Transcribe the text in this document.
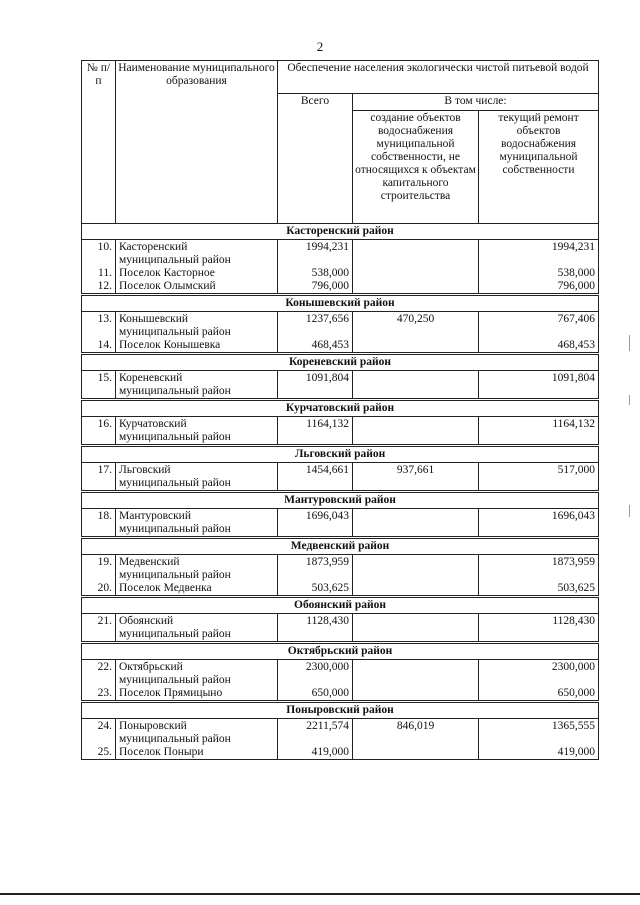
2
№ п/п	Наименование муниципального образования	Обеспечение населения экологически чистой питьевой водой		
		Всего	В том числе:	
			создание объектов водоснабжения муниципальной собственности, не относящихся к объектам капитального строительства	текущий ремонт объектов водоснабжения муниципальной собственности
Касторенский район				
10.	Касторенский	1994,231		1994,231
	муниципальный район			
11.	Поселок Касторное	538,000		538,000
12.	Поселок Олымский	796,000		796,000
Конышевский район				
13.	Конышевский	1237,656	470,250	767,406
	муниципальный район			
14.	Поселок Конышевка	468,453		468,453
Кореневский район				
15.	Кореневский	1091,804		1091,804
	муниципальный район			
Курчатовский район				
16.	Курчатовский	1164,132		1164,132
	муниципальный район			
Льговский район				
17.	Льговский	1454,661	937,661	517,000
	муниципальный район			
Мантуровский район				
18.	Мантуровский	1696,043		1696,043
	муниципальный район			
Медвенский район				
19.	Медвенский	1873,959		1873,959
	муниципальный район			
20.	Поселок Медвенка	503,625		503,625
Обоянский район				
21.	Обоянский	1128,430		1128,430
	муниципальный район			
Октябрьский район				
22.	Октябрьский	2300,000		2300,000
	муниципальный район			
23.	Поселок Прямицыно	650,000		650,000
Поныровский район				
24.	Поныровский	2211,574	846,019	1365,555
	муниципальный район			
25.	Поселок Поныри	419,000		419,000
